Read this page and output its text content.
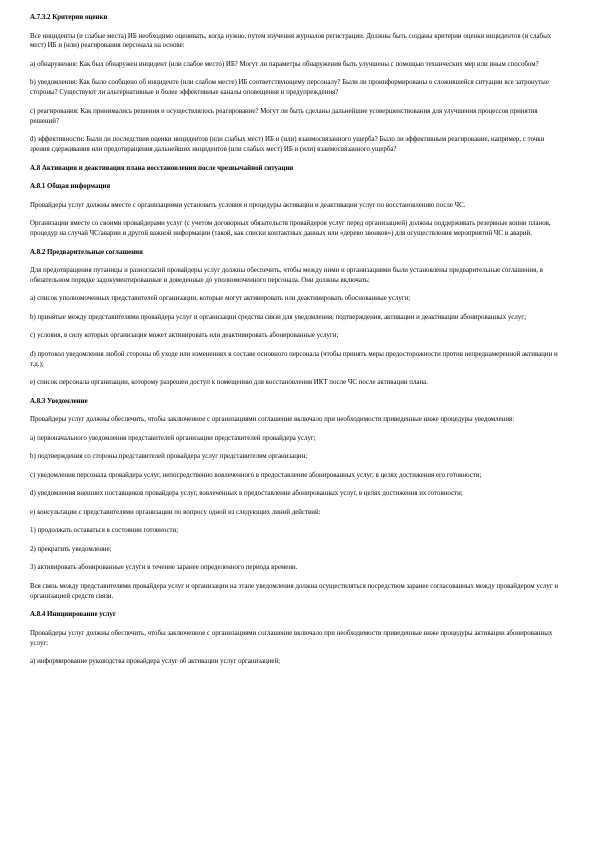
А.7.3.2 Критерии оценки
Все инциденты (и слабые места) ИБ необходимо оценивать, когда нужно, путем изучения журналов регистрации. Должны быть созданы критерии оценки инцидентов (и слабых мест) ИБ и (или) реагирования персонала на основе:
а) обнаружения: Как был обнаружен инцидент (или слабое место) ИБ? Могут ли параметры обнаружения быть улучшены с помощью технических мер или иным способом?
b) уведомления: Как было сообщено об инциденте (или слабом месте) ИБ соответствующему персоналу? Были ли проинформированы о сложившейся ситуации все затронутые стороны? Существуют ли альтернативные и более эффективные каналы оповещения и предупреждения?
c) реагирования: Как принимались решения и осуществлялось реагирование? Могут ли быть сделаны дальнейшие усовершенствования для улучшения процессов принятия решений?
d) эффективности: Были ли последствия оценки инцидентов (или слабых мест) ИБ и (или) взаимосвязанного ущерба? Было ли эффективным реагирование, например, с точки зрения сдерживания или предотвращения дальнейших инцидентов (или слабых мест) ИБ и (или) взаимосвязанного ущерба?
А.8 Активация и деактивация плана восстановления после чрезвычайной ситуации
А.8.1 Общая информация
Провайдеры услуг должны вместе с организациями установить условия и процедуры активации и деактивации услуг по восстановлению после ЧС.
Организации вместе со своими провайдерами услуг (с учетом договорных обязательств провайдеров услуг перед организацией) должны поддерживать резервные копии планов, процедур на случай ЧС/аварии и другой важной информации (такой, как списки контактных данных или «дерево звонков») для осуществления мероприятий ЧС и аварий.
А.8.2 Предварительные соглашения
Для предотвращения путаницы и разногласий провайдеры услуг должны обеспечить, чтобы между ними и организациями были установлены предварительные соглашения, в обязательном порядке задокументированные и доведенные до уполномоченного персонала. Они должны включать:
а) список уполномоченных представителей организации, которые могут активировать или деактивировать обоснованные услуги;
b) принятые между представителями провайдера услуг и организации средства связи для уведомления, подтверждения, активации и деактивации абонированных услуг;
c) условия, в силу которых организация может активировать или деактивировать абонированные услуги;
d) протокол уведомления любой стороны об уходе или изменениях в составе основного персонала (чтобы принять меры предосторожности против непреднамеренной активации и т.д.);
e) список персонала организации, которому разрешен доступ к помещению для восстановления ИКТ после ЧС после активации плана.
А.8.3 Уведомление
Провайдеры услуг должны обеспечить, чтобы заключенное с организациями соглашение включало при необходимости приведенные ниже процедуры уведомления:
а) первоначального уведомления представителей организации представителей провайдера услуг;
b) подтверждения со стороны представителей провайдера услуг представителям организации;
c) уведомления персонала провайдера услуг, непосредственно вовлеченного в предоставление абонированных услуг, в целях достижения его готовности;
d) уведомления внешних поставщиков провайдера услуг, вовлеченных в предоставление абонированных услуг, в целях достижения их готовности;
e) консультации с представителями организации по вопросу одной из следующих линий действий:
1) продолжать оставаться в состоянии готовности;
2) прекратить уведомление;
3) активировать абонированные услуги в течение заранее определенного периода времени.
Вся связь между представителями провайдера услуг и организации на этапе уведомления должна осуществляться посредством заранее согласованных между провайдером услуг и организацией средств связи.
А.8.4 Инициирование услуг
Провайдеры услуг должны обеспечить, чтобы заключенное с организациями соглашение включало при необходимости приведенные ниже процедуры активации абонированных услуг:
а) информирование руководства провайдера услуг об активации услуг организацией;
